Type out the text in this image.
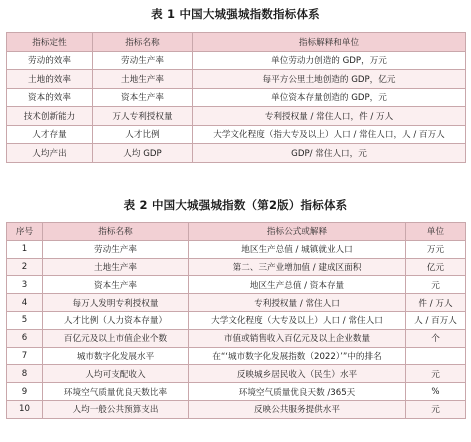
表 1 中国大城强城指数指标体系
指标定性	指标名称	指标解释和单位
劳动的效率	劳动生产率	单位劳动力创造的 GDP，万元
土地的效率	土地生产率	每平方公里土地创造的 GDP，亿元
资本的效率	资本生产率	单位资本存量创造的 GDP，元
技术创新能力	万人专利授权量	专利授权量 / 常住人口，件 / 万人
人才存量	人才比例	大学文化程度（指大专及以上）人口 / 常住人口，人 / 百万人
人均产出	人均 GDP	GDP/ 常住人口，元
表 2 中国大城强城指数（第2版）指标体系
序号	指标名称	指标公式或解释	单位
1	劳动生产率	地区生产总值 / 城镇就业人口	万元
2	土地生产率	第二、三产业增加值 / 建成区面积	亿元
3	资本生产率	地区生产总值 / 资本存量	元
4	每万人发明专利授权量	专利授权量 / 常住人口	件 / 万人
5	人才比例（人力资本存量）	大学文化程度（大专及以上）人口 / 常住人口	人 / 百万人
6	百亿元及以上市值企业个数	市值或销售收入百亿元及以上企业数量	个
7	城市数字化发展水平	在“‘城市数字化发展指数（2022）’”中的排名	
8	人均可支配收入	反映城乡居民收入（民生）水平	元
9	环境空气质量优良天数比率	环境空气质量优良天数 /365天	%
10	人均一般公共预算支出	反映公共服务提供水平	元
